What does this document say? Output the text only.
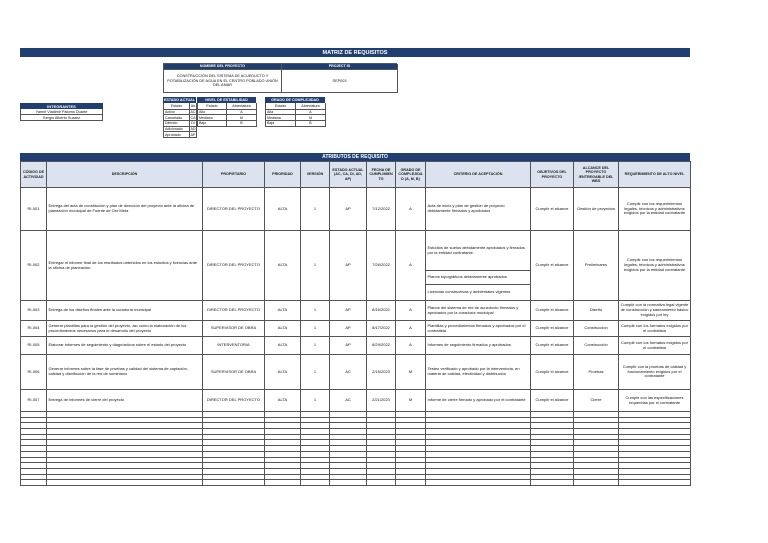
MATRIZ DE REQUISITOS
NOMBRE DEL PROYECTO	PROJECT ID
CONSTRUCCIÓN DEL SISTEMA DE ACUEDUCTO Y POTABILIZACIÓN DE AGUA EN EL CENTRO POBLADO UNIÓN DEL AMAR
SEP003
INTEGRANTES
Yamel Vladimir Palomo Duarte
Sergio Alberto Suarez
ATRIBUTOS DE REQUISITO
CÓDIGO DE ACTIVIDAD	DESCRIPCIÓN	PROPIETARIO	PRIORIDAD	VERSIÓN	ESTADO ACTUAL (AC, CA, DI, AD, AP)	FECHA DE CUMPLIMIENTO	GRADO DE COMPLEJIDAD (A, M, B)	CRITERIO DE ACEPTACIÓN	OBJETIVOS DEL PROYECTO	ALCANCE DEL PROYECTO /ENTREGABLE DEL WBS	REQUERIMIENTO DE ALTO NIVEL
RI-001	Entrega del acta de constitución y plan de dirección del proyecto ante la oficina de planeación municipal de Fuente de Oro Meta	DIRECTOR DEL PROYECTO	ALTA	1	AP	7/12/2022	A	Acta de inicio y plan de gestión de proyecto debidamente firmados y aprobados	Cumplir el alcance	Gestión de proyectos	Cumplir con los requerimientos legales, técnicos y administrativos exigidos por la entidad contratante
RI-002	Entregar el informe final de los resultados obtenidos en los estudios y licencias ante la oficina de planeación.	DIRECTOR DEL PROYECTO	ALTA	1	AP	7/26/2022	A	Estudios de suelos debidamente aprobados y firmados por la entidad contratante.	Cumplir el alcance	Preliminares	Cumplir con los requerimientos legales, técnicos y administrativos exigidos por la entidad contratante
								Planos topográficos debidamente aprobados			
								Licencias constructivas y ambientales vigentes			
RI-003	Entrega de los diseños finales ante la curaduría municipal	DIRECTOR DEL PROYECTO	ALTA	1	AP	8/16/2022	A	Planos del sistema de red de acueducto firmados y aprobados por la curaduría municipal	Cumplir el alcance	Diseño	Cumplir con la normativa legal vigente de construcción y saneamiento básico exigidos por ley
RI-004	Generar plantillas para la gestión del proyecto, así como la elaboración de los procedimientos necesarios para el desarrollo del proyecto	SUPERVISOR DE OBRA	ALTA	1	AP	8/17/2022	A	Plantillas y procedimientos firmados y aprobados por el contratista	Cumplir el alcance	Construcción	Cumplir con los formatos exigidos por el contratista
RI-005	Elaborar informes de seguimiento y diagnósticos sobre el estado del proyecto	INTERVENTORIA	ALTA	1	AP	8/29/2022	A	Informes de seguimiento firmados y aprobados	Cumplir el alcance	Construcción	Cumplir con los formatos exigidos por el contratista
RI-006	Generar informes sobre la fase de pruebas y calidad del sistema de captación, calidad y distribución de la red de suministro	SUPERVISOR DE OBRA	ALTA	1	AC	2/15/2023	M	Testeo verificado y aprobado por la interventoria, en materia de calidad, efectividad y distribución	Cumplir el alcance	Pruebas	Cumplir con la pruebas de calidad y funcionamiento exigidos por el contratante
RI-007	Entrega de informes de cierre del proyecto	DIRECTOR DEL PROYECTO	ALTA	1	AC	2/21/2023	M	Informe de cierre firmado y aprobado por el contratante	Cumplir el alcance	Cierre	Cumplir con las especificaciones requeridas por el contratante

ESTADO ACTUAL
Estado	Ab
Activo	AC
Cancelado	CA
Diferido	DI
Adicionado	AD
Aprobado	AP
NIVEL DE ESTABILIDAD
Estado	Abreviatura
Alto	A
Mediano	M
Bajo	B
GRADO DE COMPLEJIDAD
Estado	Abreviatura
Alta	A
Mediana	M
Baja	B
